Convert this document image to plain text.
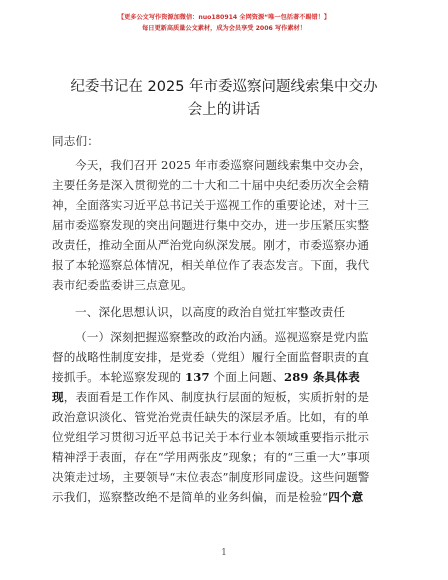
【更多公文写作资源加微信：nuo180914 全网资源“唯一包括著不踢错！】
每日更新高质量公文素材，成为会员享受 2006 写作素材！
纪委书记在 2025 年市委巡察问题线索集中交办
会上的讲话
同志们：
今天，我们召开 2025 年市委巡察问题线索集中交办会，
主要任务是深入贯彻党的二十大和二十届中央纪委历次全会精
神，全面落实习近平总书记关于巡视工作的重要论述，对十三
届市委巡察发现的突出问题进行集中交办，进一步压紧压实整
改责任，推动全面从严治党向纵深发展。刚才，市委巡察办通
报了本轮巡察总体情况，相关单位作了表态发言。下面，我代
表市纪委监委讲三点意见。
一、深化思想认识，以高度的政治自觉扛牢整改责任
（一）深刻把握巡察整改的政治内涵。巡视巡察是党内监
督的战略性制度安排，是党委（党组）履行全面监督职责的直
接抓手。本轮巡察发现的 137 个面上问题、289 条具体表
现，表面看是工作作风、制度执行层面的短板，实质折射的是
政治意识淡化、管党治党责任缺失的深层矛盾。比如，有的单
位党组学习贯彻习近平总书记关于本行业本领域重要指示批示
精神浮于表面，存在“学用两张皮”现象；有的“三重一大”事项
决策走过场，主要领导“末位表态”制度形同虚设。这些问题警
示我们，巡察整改绝不是简单的业务纠偏，而是检验“四个意
1
